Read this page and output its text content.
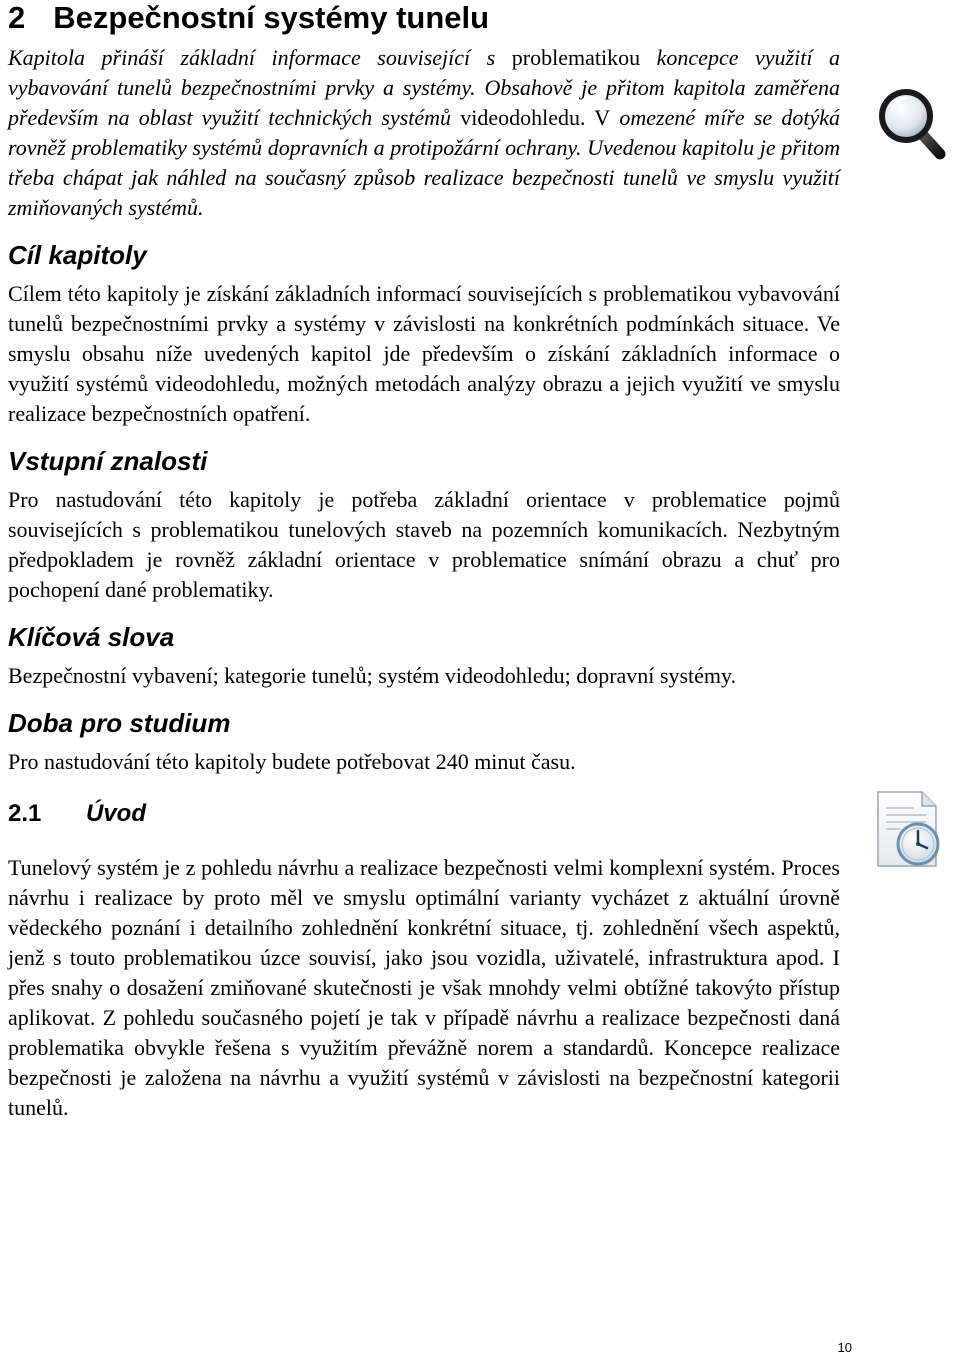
2 Bezpečnostní systémy tunelu

Kapitola přináší základní informace související s problematikou koncepce využití a vybavování tunelů bezpečnostními prvky a systémy. Obsahově je přitom kapitola zaměřena především na oblast využití technických systémů videodohledu. V omezené míře se dotýká rovněž problematiky systémů dopravních a protipožární ochrany. Uvedenou kapitolu je přitom třeba chápat jak náhled na současný způsob realizace bezpečnosti tunelů ve smyslu využití zmiňovaných systémů.

Cíl kapitoly

Cílem této kapitoly je získání základních informací souvisejících s problematikou vybavování tunelů bezpečnostními prvky a systémy v závislosti na konkrétních podmínkách situace. Ve smyslu obsahu níže uvedených kapitol jde především o získání základních informace o využití systémů videodohledu, možných metodách analýzy obrazu a jejich využití ve smyslu realizace bezpečnostních opatření.

Vstupní znalosti

Pro nastudování této kapitoly je potřeba základní orientace v problematice pojmů souvisejících s problematikou tunelových staveb na pozemních komunikacích. Nezbytným předpokladem je rovněž základní orientace v problematice snímání obrazu a chuť pro pochopení dané problematiky.

Klíčová slova

Bezpečnostní vybavení; kategorie tunelů; systém videodohledu; dopravní systémy.

Doba pro studium

Pro nastudování této kapitoly budete potřebovat 240 minut času.

2.1	Úvod

Tunelový systém je z pohledu návrhu a realizace bezpečnosti velmi komplexní systém. Proces návrhu i realizace by proto měl ve smyslu optimální varianty vycházet z aktuální úrovně vědeckého poznání i detailního zohlednění konkrétní situace, tj. zohlednění všech aspektů, jenž s touto problematikou úzce souvisí, jako jsou vozidla, uživatelé, infrastruktura apod. I přes snahy o dosažení zmiňované skutečnosti je však mnohdy velmi obtížné takovýto přístup aplikovat. Z pohledu současného pojetí je tak v případě návrhu a realizace bezpečnosti daná problematika obvykle řešena s využitím převážně norem a standardů. Koncepce realizace bezpečnosti je založena na návrhu a využití systémů v závislosti na bezpečnostní kategorii tunelů.

10
